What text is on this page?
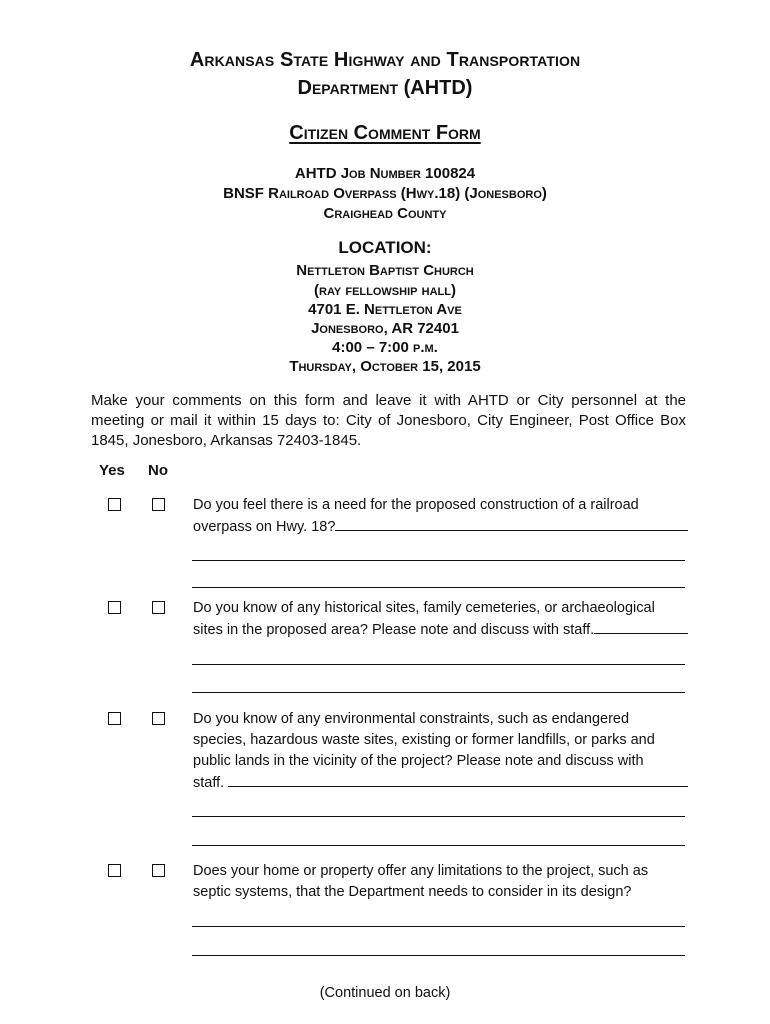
Arkansas State Highway and Transportation
Department (AHTD)
Citizen Comment Form
AHTD Job Number 100824
BNSF Railroad Overpass (Hwy.18) (Jonesboro)
Craighead County
LOCATION:
Nettleton Baptist Church
(ray fellowship hall)
4701 E. Nettleton Ave
Jonesboro, AR 72401
4:00 – 7:00 p.m.
Thursday, October 15, 2015
Make your comments on this form and leave it with AHTD or City personnel at the meeting or mail it within 15 days to: City of Jonesboro, City Engineer, Post Office Box 1845, Jonesboro, Arkansas 72403-1845.
Yes No
Do you feel there is a need for the proposed construction of a railroad
overpass on Hwy. 18?
Do you know of any historical sites, family cemeteries, or archaeological
sites in the proposed area? Please note and discuss with staff.
Do you know of any environmental constraints, such as endangered
species, hazardous waste sites, existing or former landfills, or parks and
public lands in the vicinity of the project? Please note and discuss with
staff.
Does your home or property offer any limitations to the project, such as
septic systems, that the Department needs to consider in its design?
(Continued on back)
